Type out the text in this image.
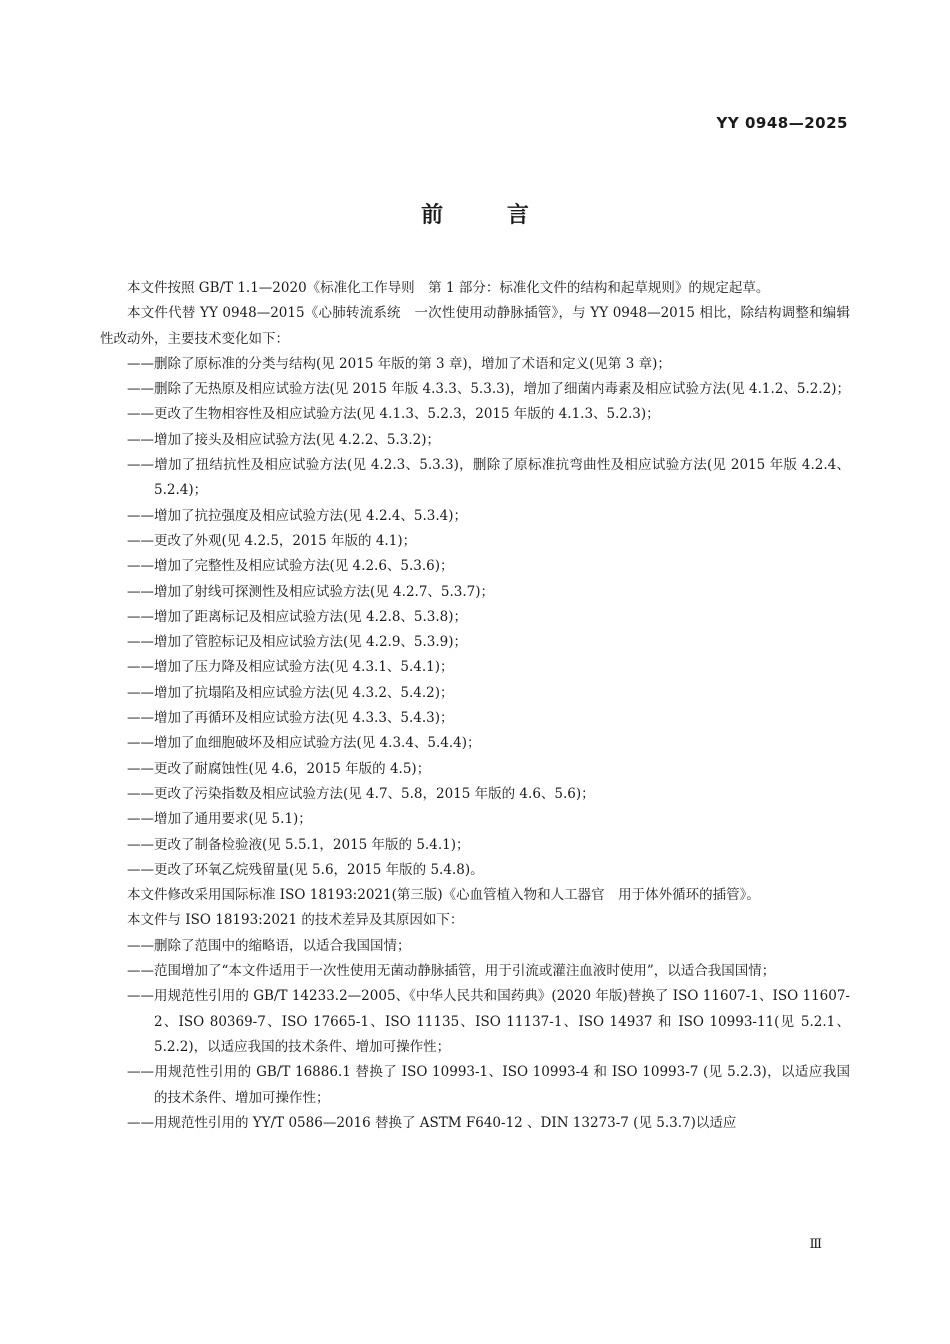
YY 0948—2025
前 言
本文件按照 GB/T 1.1—2020《标准化工作导则　第 1 部分：标准化文件的结构和起草规则》的规定起草。
本文件代替 YY 0948—2015《心肺转流系统　一次性使用动静脉插管》，与 YY 0948—2015 相比，除结构调整和编辑性改动外，主要技术变化如下：
——删除了原标准的分类与结构(见 2015 年版的第 3 章)，增加了术语和定义(见第 3 章)；
——删除了无热原及相应试验方法(见 2015 年版 4.3.3、5.3.3)，增加了细菌内毒素及相应试验方法(见 4.1.2、5.2.2)；
——更改了生物相容性及相应试验方法(见 4.1.3、5.2.3，2015 年版的 4.1.3、5.2.3)；
——增加了接头及相应试验方法(见 4.2.2、5.3.2)；
——增加了扭结抗性及相应试验方法(见 4.2.3、5.3.3)，删除了原标准抗弯曲性及相应试验方法(见 2015 年版 4.2.4、5.2.4)；
——增加了抗拉强度及相应试验方法(见 4.2.4、5.3.4)；
——更改了外观(见 4.2.5，2015 年版的 4.1)；
——增加了完整性及相应试验方法(见 4.2.6、5.3.6)；
——增加了射线可探测性及相应试验方法(见 4.2.7、5.3.7)；
——增加了距离标记及相应试验方法(见 4.2.8、5.3.8)；
——增加了管腔标记及相应试验方法(见 4.2.9、5.3.9)；
——增加了压力降及相应试验方法(见 4.3.1、5.4.1)；
——增加了抗塌陷及相应试验方法(见 4.3.2、5.4.2)；
——增加了再循环及相应试验方法(见 4.3.3、5.4.3)；
——增加了血细胞破坏及相应试验方法(见 4.3.4、5.4.4)；
——更改了耐腐蚀性(见 4.6，2015 年版的 4.5)；
——更改了污染指数及相应试验方法(见 4.7、5.8，2015 年版的 4.6、5.6)；
——增加了通用要求(见 5.1)；
——更改了制备检验液(见 5.5.1，2015 年版的 5.4.1)；
——更改了环氧乙烷残留量(见 5.6，2015 年版的 5.4.8)。
本文件修改采用国际标准 ISO 18193:2021(第三版)《心血管植入物和人工器官　用于体外循环的插管》。
本文件与 ISO 18193:2021 的技术差异及其原因如下：
——删除了范围中的缩略语，以适合我国国情；
——范围增加了“本文件适用于一次性使用无菌动静脉插管，用于引流或灌注血液时使用”，以适合我国国情；
——用规范性引用的 GB/T 14233.2—2005、《中华人民共和国药典》(2020 年版)替换了 ISO 11607-1、ISO 11607-2、ISO 80369-7、ISO 17665-1、ISO 11135、ISO 11137-1、ISO 14937 和 ISO 10993-11(见 5.2.1、5.2.2)，以适应我国的技术条件、增加可操作性；
——用规范性引用的 GB/T 16886.1 替换了 ISO 10993-1、ISO 10993-4 和 ISO 10993-7 (见 5.2.3)，以适应我国的技术条件、增加可操作性；
——用规范性引用的 YY/T 0586—2016 替换了 ASTM F640-12 、DIN 13273-7 (见 5.3.7)以适应
Ⅲ
